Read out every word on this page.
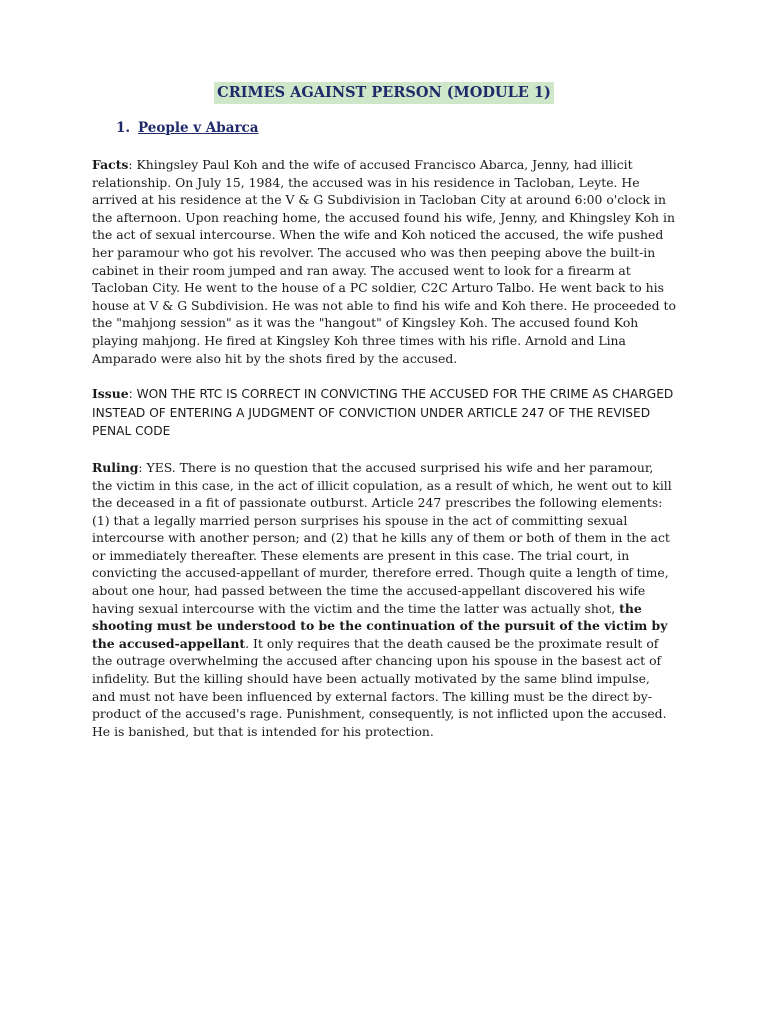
CRIMES AGAINST PERSON (MODULE 1)
1. People v Abarca

Facts: Khingsley Paul Koh and the wife of accused Francisco Abarca, Jenny, had illicit relationship. On July 15, 1984, the accused was in his residence in Tacloban, Leyte. He arrived at his residence at the V & G Subdivision in Tacloban City at around 6:00 o'clock in the afternoon. Upon reaching home, the accused found his wife, Jenny, and Khingsley Koh in the act of sexual intercourse. When the wife and Koh noticed the accused, the wife pushed her paramour who got his revolver. The accused who was then peeping above the built-in cabinet in their room jumped and ran away. The accused went to look for a firearm at Tacloban City. He went to the house of a PC soldier, C2C Arturo Talbo. He went back to his house at V & G Subdivision. He was not able to find his wife and Koh there. He proceeded to the "mahjong session" as it was the "hangout" of Kingsley Koh. The accused found Koh playing mahjong. He fired at Kingsley Koh three times with his rifle. Arnold and Lina Amparado were also hit by the shots fired by the accused.

Issue: WON THE RTC IS CORRECT IN CONVICTING THE ACCUSED FOR THE CRIME AS CHARGED INSTEAD OF ENTERING A JUDGMENT OF CONVICTION UNDER ARTICLE 247 OF THE REVISED PENAL CODE

Ruling: YES. There is no question that the accused surprised his wife and her paramour, the victim in this case, in the act of illicit copulation, as a result of which, he went out to kill the deceased in a fit of passionate outburst. Article 247 prescribes the following elements: (1) that a legally married person surprises his spouse in the act of committing sexual intercourse with another person; and (2) that he kills any of them or both of them in the act or immediately thereafter. These elements are present in this case. The trial court, in convicting the accused-appellant of murder, therefore erred. Though quite a length of time, about one hour, had passed between the time the accused-appellant discovered his wife having sexual intercourse with the victim and the time the latter was actually shot, the shooting must be understood to be the continuation of the pursuit of the victim by the accused-appellant. It only requires that the death caused be the proximate result of the outrage overwhelming the accused after chancing upon his spouse in the basest act of infidelity. But the killing should have been actually motivated by the same blind impulse, and must not have been influenced by external factors. The killing must be the direct by-product of the accused's rage. Punishment, consequently, is not inflicted upon the accused. He is banished, but that is intended for his protection.
